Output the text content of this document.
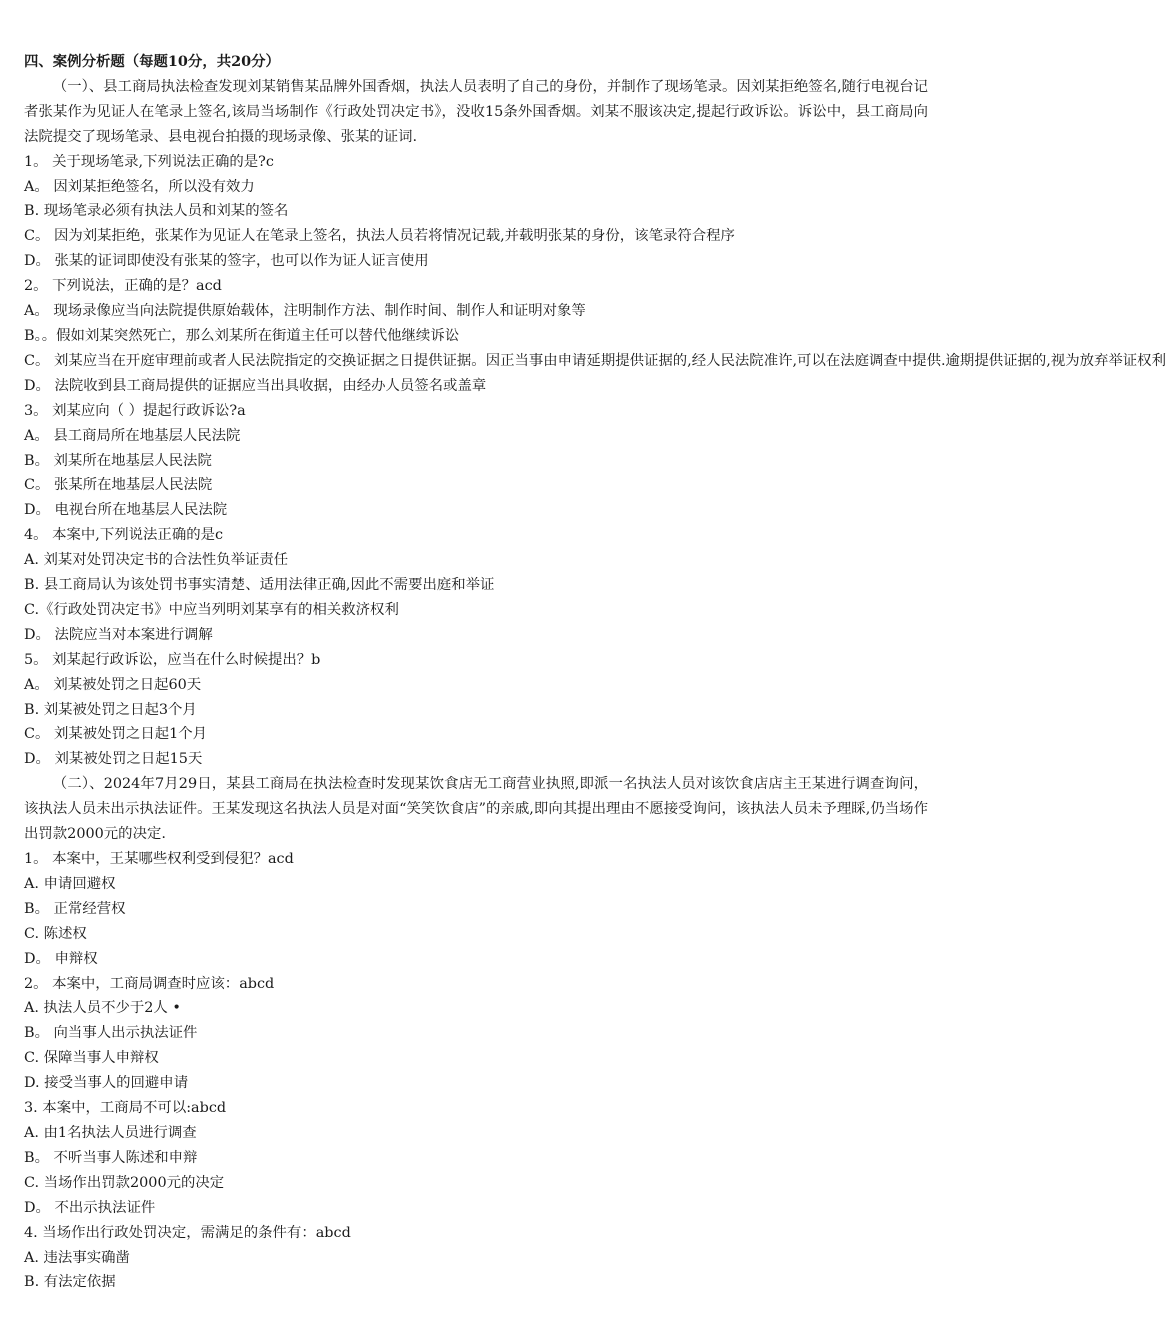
四、案例分析题（每题10分，共20分）

（一）、县工商局执法检查发现刘某销售某品牌外国香烟，执法人员表明了自己的身份，并制作了现场笔录。因刘某拒绝签名,随行电视台记者张某作为见证人在笔录上签名,该局当场制作《行政处罚决定书》，没收15条外国香烟。刘某不服该决定,提起行政诉讼。诉讼中，县工商局向法院提交了现场笔录、县电视台拍摄的现场录像、张某的证词.

1。 关于现场笔录,下列说法正确的是?c

A。 因刘某拒绝签名，所以没有效力

B. 现场笔录必须有执法人员和刘某的签名

C。 因为刘某拒绝，张某作为见证人在笔录上签名，执法人员若将情况记载,并载明张某的身份，该笔录符合程序

D。 张某的证词即使没有张某的签字，也可以作为证人证言使用

2。 下列说法，正确的是？acd

A。 现场录像应当向法院提供原始载体，注明制作方法、制作时间、制作人和证明对象等

B。。假如刘某突然死亡，那么刘某所在街道主任可以替代他继续诉讼

C。 刘某应当在开庭审理前或者人民法院指定的交换证据之日提供证据。因正当事由申请延期提供证据的,经人民法院准许,可以在法庭调查中提供.逾期提供证据的,视为放弃举证权利

D。 法院收到县工商局提供的证据应当出具收据，由经办人员签名或盖章

3。 刘某应向（ ）提起行政诉讼?a

A。 县工商局所在地基层人民法院

B。 刘某所在地基层人民法院

C。 张某所在地基层人民法院

D。 电视台所在地基层人民法院

4。 本案中,下列说法正确的是c

A. 刘某对处罚决定书的合法性负举证责任

B. 县工商局认为该处罚书事实清楚、适用法律正确,因此不需要出庭和举证

C.《行政处罚决定书》中应当列明刘某享有的相关救济权利

D。 法院应当对本案进行调解

5。 刘某起行政诉讼，应当在什么时候提出？b

A。 刘某被处罚之日起60天

B. 刘某被处罚之日起3个月

C。 刘某被处罚之日起1个月

D。 刘某被处罚之日起15天

（二）、2024年7月29日，某县工商局在执法检查时发现某饮食店无工商营业执照,即派一名执法人员对该饮食店店主王某进行调查询问，该执法人员未出示执法证件。王某发现这名执法人员是对面“笑笑饮食店”的亲戚,即向其提出理由不愿接受询问，该执法人员未予理睬,仍当场作出罚款2000元的决定.

1。 本案中，王某哪些权利受到侵犯？acd

A. 申请回避权

B。 正常经营权

C. 陈述权

D。 申辩权

2。 本案中，工商局调查时应该：abcd

A. 执法人员不少于2人 •

B。 向当事人出示执法证件

C. 保障当事人申辩权

D. 接受当事人的回避申请

3. 本案中，工商局不可以:abcd

A. 由1名执法人员进行调查

B。 不听当事人陈述和申辩

C. 当场作出罚款2000元的决定

D。 不出示执法证件

4. 当场作出行政处罚决定，需满足的条件有：abcd

A. 违法事实确凿

B. 有法定依据
